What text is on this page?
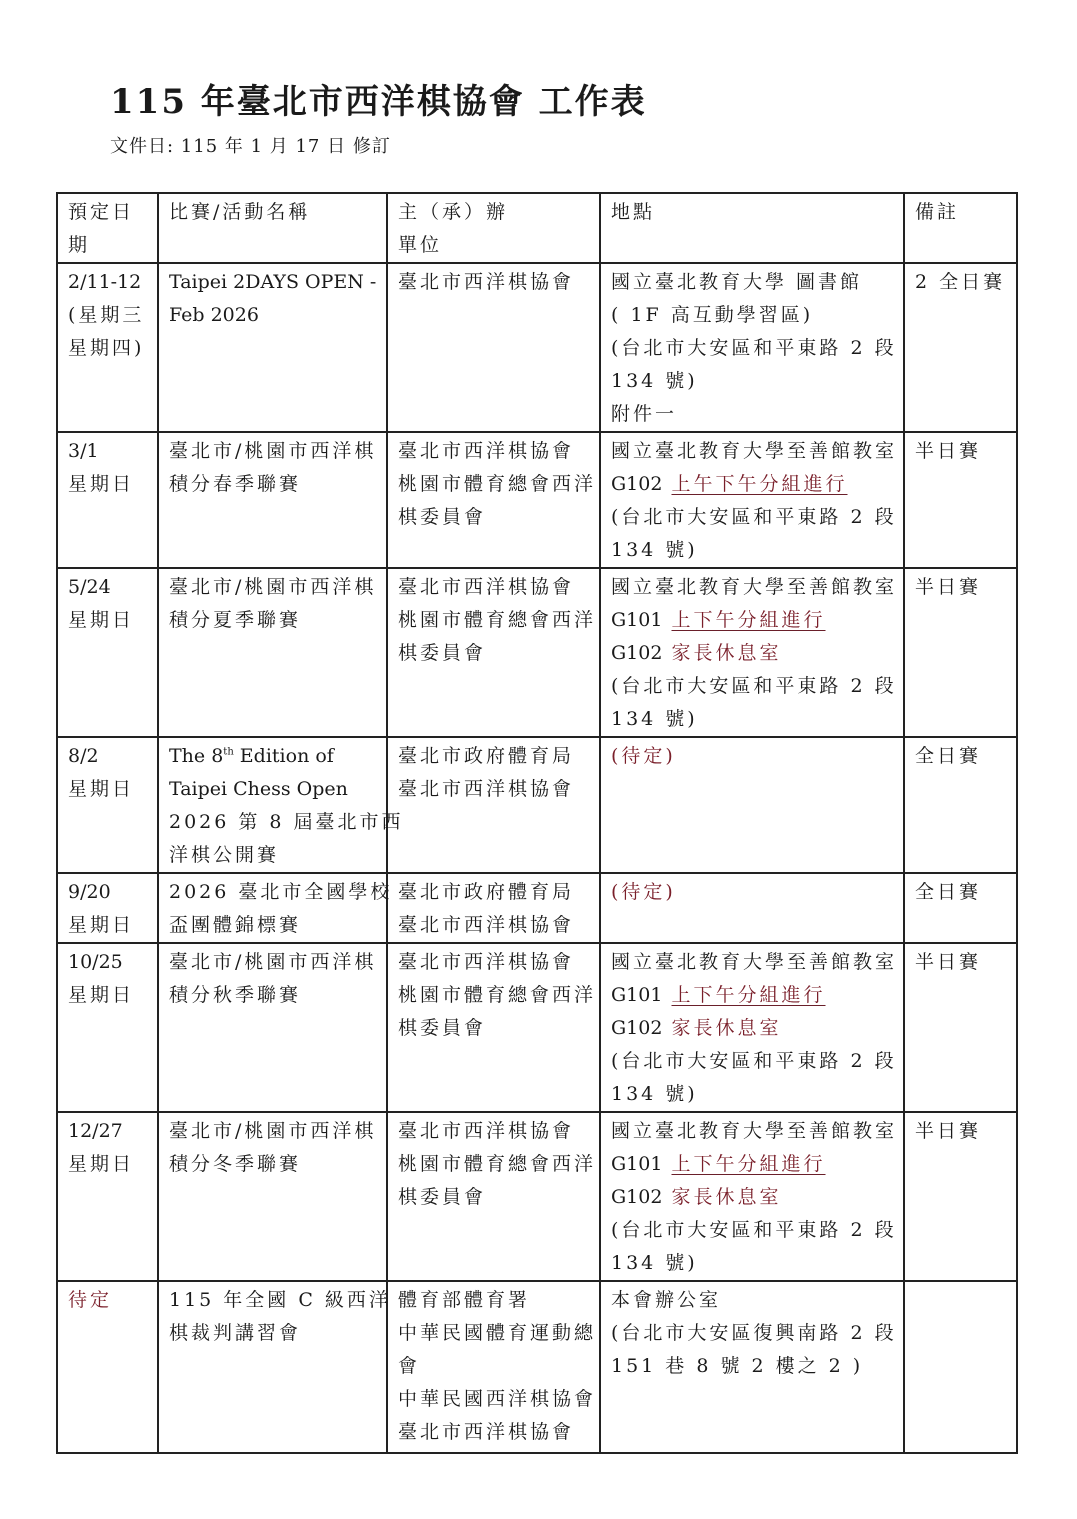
115 年臺北市西洋棋協會 工作表
文件日: 115 年 1 月 17 日 修訂
預定日
期	比賽/活動名稱	主（承）辦
單位	地點	備註

2/11-12
(星期三
星期四)	Taipei 2DAYS OPEN -
Feb 2026	臺北市西洋棋協會	國立臺北教育大學 圖書館
( 1F 高互動學習區)
(台北市大安區和平東路 2 段
134 號)
附件一	2 全日賽

3/1
星期日	臺北市/桃園市西洋棋
積分春季聯賽	臺北市西洋棋協會
桃園市體育總會西洋
棋委員會	國立臺北教育大學至善館教室
G102 上午下午分組進行
(台北市大安區和平東路 2 段
134 號)	半日賽

5/24
星期日	臺北市/桃園市西洋棋
積分夏季聯賽	臺北市西洋棋協會
桃園市體育總會西洋
棋委員會	國立臺北教育大學至善館教室
G101 上下午分組進行
G102 家長休息室
(台北市大安區和平東路 2 段
134 號)	半日賽

8/2
星期日	The 8th Edition of
Taipei Chess Open
2026 第 8 屆臺北市西
洋棋公開賽	臺北市政府體育局
臺北市西洋棋協會	(待定)	全日賽

9/20
星期日	2026 臺北市全國學校
盃團體錦標賽	臺北市政府體育局
臺北市西洋棋協會	(待定)	全日賽

10/25
星期日	臺北市/桃園市西洋棋
積分秋季聯賽	臺北市西洋棋協會
桃園市體育總會西洋
棋委員會	國立臺北教育大學至善館教室
G101 上下午分組進行
G102 家長休息室
(台北市大安區和平東路 2 段
134 號)	半日賽

12/27
星期日	臺北市/桃園市西洋棋
積分冬季聯賽	臺北市西洋棋協會
桃園市體育總會西洋
棋委員會	國立臺北教育大學至善館教室
G101 上下午分組進行
G102 家長休息室
(台北市大安區和平東路 2 段
134 號)	半日賽

待定	115 年全國 C 級西洋
棋裁判講習會	體育部體育署
中華民國體育運動總
會
中華民國西洋棋協會
臺北市西洋棋協會	本會辦公室
(台北市大安區復興南路 2 段
151 巷 8 號 2 樓之 2 )	
